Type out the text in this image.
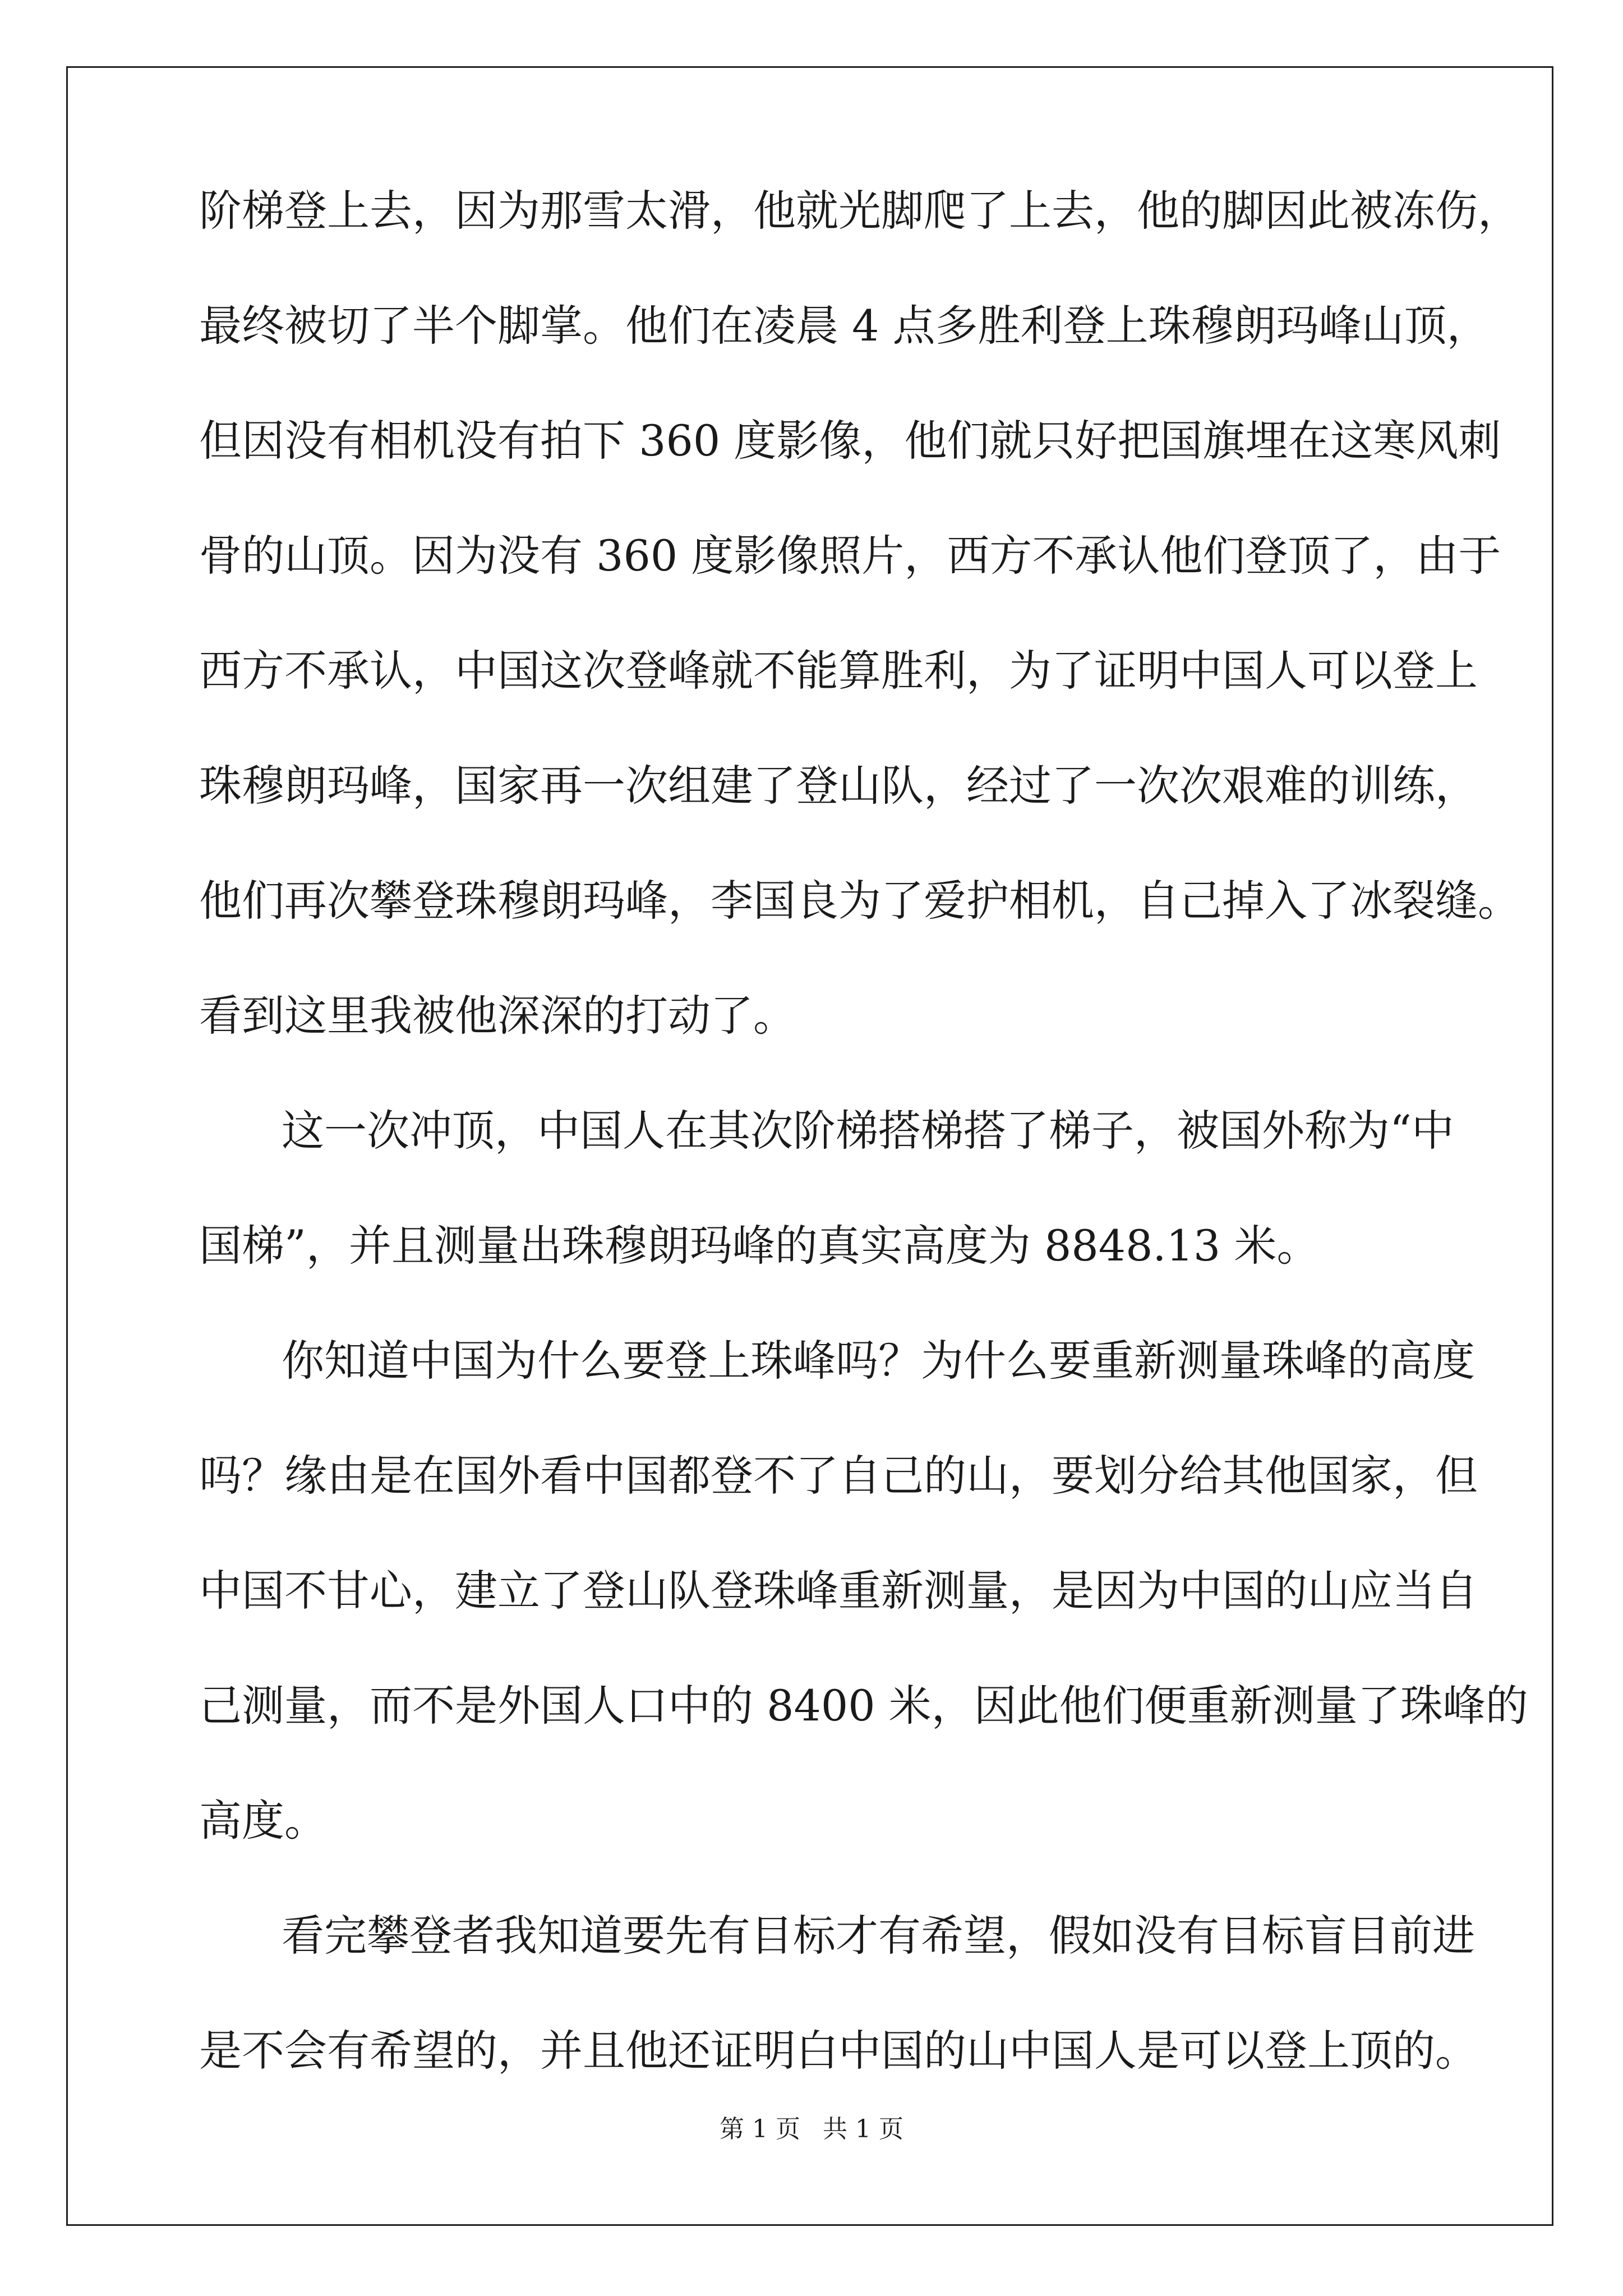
阶梯登上去，因为那雪太滑，他就光脚爬了上去，他的脚因此被冻伤，
最终被切了半个脚掌。他们在凌晨 4 点多胜利登上珠穆朗玛峰山顶，
但因没有相机没有拍下 360 度影像，他们就只好把国旗埋在这寒风刺
骨的山顶。因为没有 360 度影像照片，西方不承认他们登顶了，由于
西方不承认，中国这次登峰就不能算胜利，为了证明中国人可以登上
珠穆朗玛峰，国家再一次组建了登山队，经过了一次次艰难的训练，
他们再次攀登珠穆朗玛峰，李国良为了爱护相机，自己掉入了冰裂缝。
看到这里我被他深深的打动了。
这一次冲顶，中国人在其次阶梯搭梯搭了梯子，被国外称为“中
国梯”，并且测量出珠穆朗玛峰的真实高度为 8848.13 米。
你知道中国为什么要登上珠峰吗？为什么要重新测量珠峰的高度
吗？缘由是在国外看中国都登不了自己的山，要划分给其他国家，但
中国不甘心，建立了登山队登珠峰重新测量，是因为中国的山应当自
己测量，而不是外国人口中的 8400 米，因此他们便重新测量了珠峰的
高度。
看完攀登者我知道要先有目标才有希望，假如没有目标盲目前进
是不会有希望的，并且他还证明白中国的山中国人是可以登上顶的。
第 1 页 共 1 页
